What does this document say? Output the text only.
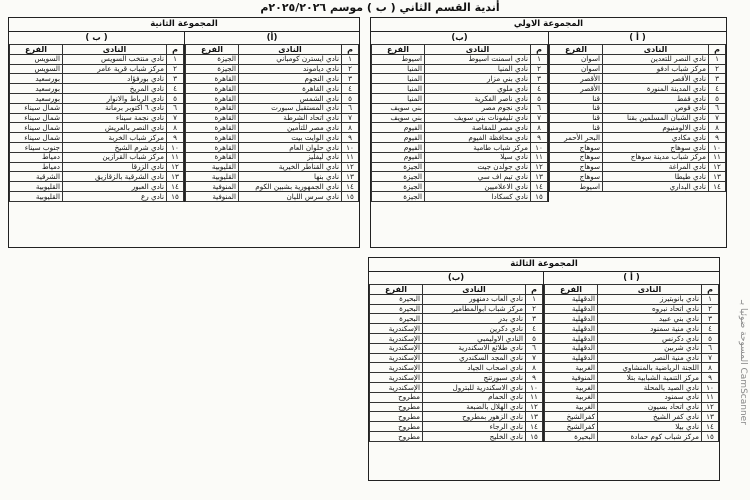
أندية القسم الثاني ( ب ) موسم ٢٠٢٥/٢٠٢٦م
المجموعة الاولي
( أ )
م	النادى	الفرع
١	نادي النصر للتعدين	اسوان
٢	مركز شباب ادفو	اسوان
٣	نادي الأقصر	الأقصر
٤	نادي المدينة المنورة	الأقصر
٥	نادي قفط	قنا
٦	نادي قوص	قنا
٧	نادي الشبان المسلمين بقنا	قنا
٨	نادي الالومنيوم	قنا
٩	نادي مكادي	البحر الأحمر
١٠	نادي سوهاج	سوهاج
١١	مركز شباب مدينة سوهاج	سوهاج
١٢	نادي المراغة	سوهاج
١٣	نادي طيطا	سوهاج
١٤	نادي البداري	اسيوط
(ب)
م	النادى	الفرع
١	نادي اسمنت اسيوط	اسيوط
٢	نادي المنيا	المنيا
٣	نادي بني مزار	المنيا
٤	نادي ملوي	المنيا
٥	نادي ناصر الفكرية	المنيا
٦	نادي نجوم مصر	بني سويف
٧	نادي تليفونات بني سويف	بني سويف
٨	نادي مصر للمقاصة	الفيوم
٩	نادي محافظة الفيوم	الفيوم
١٠	مركز شباب طامية	الفيوم
١١	نادي سيلا	الفيوم
١٢	نادي جولدن جيت	الجيزة
١٣	نادي تيم اف سي	الجيزة
١٤	نادي الاعلاميين	الجيزة
١٥	نادي كسكادا	الجيزة
المجموعة الثانية
(أ)
م	النادى	الفرع
١	نادي ايسترن كومباني	الجيزة
٢	نادي دياموند	الجيزة
٣	نادي النجوم	القاهرة
٤	نادي القاهرة	القاهرة
٥	نادي الشمس	القاهرة
٦	نادي المستقبل سبورت	القاهرة
٧	نادي اتحاد الشرطة	القاهرة
٨	نادي مصر للتأمين	القاهرة
٩	نادي الوايت بيت	القاهرة
١٠	نادي حلوان العام	القاهرة
١١	نادي ليفليز	القاهرة
١٢	نادي القناطر الخيرية	القليوبية
١٣	نادي بنها	القليوبية
١٤	نادي الجمهورية بشبين الكوم	المنوفية
١٥	نادي سرس الليان	المنوفية
( ب )
م	النادى	الفرع
١	نادي منتخب السويس	السويس
٢	مركز شباب قرية عامر	السويس
٣	نادي بورفؤاد	بورسعيد
٤	نادي المريخ	بورسعيد
٥	نادي الرباط والانوار	بورسعيد
٦	نادي ٦ اكتوبر برمانة	شمال سيناء
٧	نادي نجمة سيناء	شمال سيناء
٨	نادي النصر بالعريش	شمال سيناء
٩	مركز شباب الخربة	شمال سيناء
١٠	نادي شرم الشيخ	جنوب سيناء
١١	مركز شباب القرازين	دمياط
١٢	نادي الزرقا	دمياط
١٣	نادي الشرقية بالزقازيق	الشرقية
١٤	نادي العبور	القليوبية
١٥	نادي رع	القليوبية
المجموعة الثالثة
( أ )
م	النادى	الفرع
١	نادي بانوبتيرز	الدقهلية
٢	نادي اتحاد نبروه	الدقهلية
٣	نادي بني عبيد	الدقهلية
٤	نادي منية سمنود	الدقهلية
٥	نادي دكرنس	الدقهلية
٦	نادي شربين	الدقهلية
٧	نادي منية النصر	الدقهلية
٨	اللجنة الرياضية بالمنشاوي	الغربية
٩	مركز التنمية الشبابية بتلا	المنوفية
١٠	نادي الصيد بالمحلة	الغربية
١١	نادي سمنود	الغربية
١٢	نادي اتحاد بسيون	الغربية
١٣	نادي كفر الشيخ	كفرالشيخ
١٤	نادي بيلا	كفرالشيخ
١٥	مركز شباب كوم حمادة	البحيرة
(ب)
م	النادى	الفرع
١	نادي العاب دمنهور	البحيرة
٢	مركز شباب ابوالمطامير	البحيرة
٣	نادي بدر	البحيرة
٤	نادي دكرين	الإسكندرية
٥	النادي الاوليمبي	الإسكندرية
٦	نادي طلائع الاسكندرية	الإسكندرية
٧	نادي المجد السكندري	الإسكندرية
٨	نادي اصحاب الجياد	الإسكندرية
٩	نادي سبورتنج	الإسكندرية
١٠	نادي الاسكندرية للبترول	الإسكندرية
١١	نادي الحمام	مطروح
١٢	نادي الهلال بالضبعة	مطروح
١٣	نادي الزهور بمطروح	مطروح
١٤	نادي الرجاء	مطروح
١٥	نادي الخليج	مطروح
المسوحة ضوئيا بـ CamScanner
